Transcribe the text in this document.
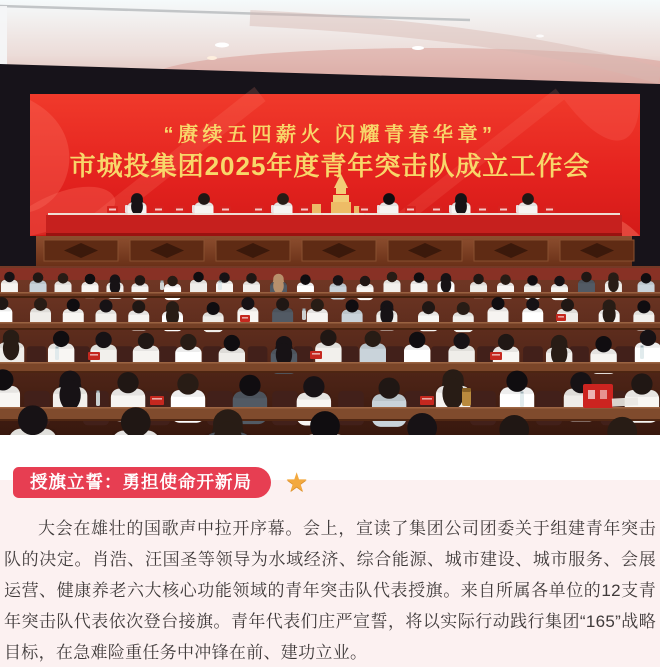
“赓续五四薪火 闪耀青春华章”
市城投集团2025年度青年突击队成立工作会
授旗立誓：勇担使命开新局	★

大会在雄壮的国歌声中拉开序幕。会上，宣读了集团公司团委关于组建青年突击队的决定。肖浩、汪国圣等领导为水域经济、综合能源、城市建设、城市服务、会展运营、健康养老六大核心功能领域的青年突击队代表授旗。来自所属各单位的12支青年突击队代表依次登台接旗。青年代表们庄严宣誓，将以实际行动践行集团“165”战略目标，在急难险重任务中冲锋在前、建功立业。
